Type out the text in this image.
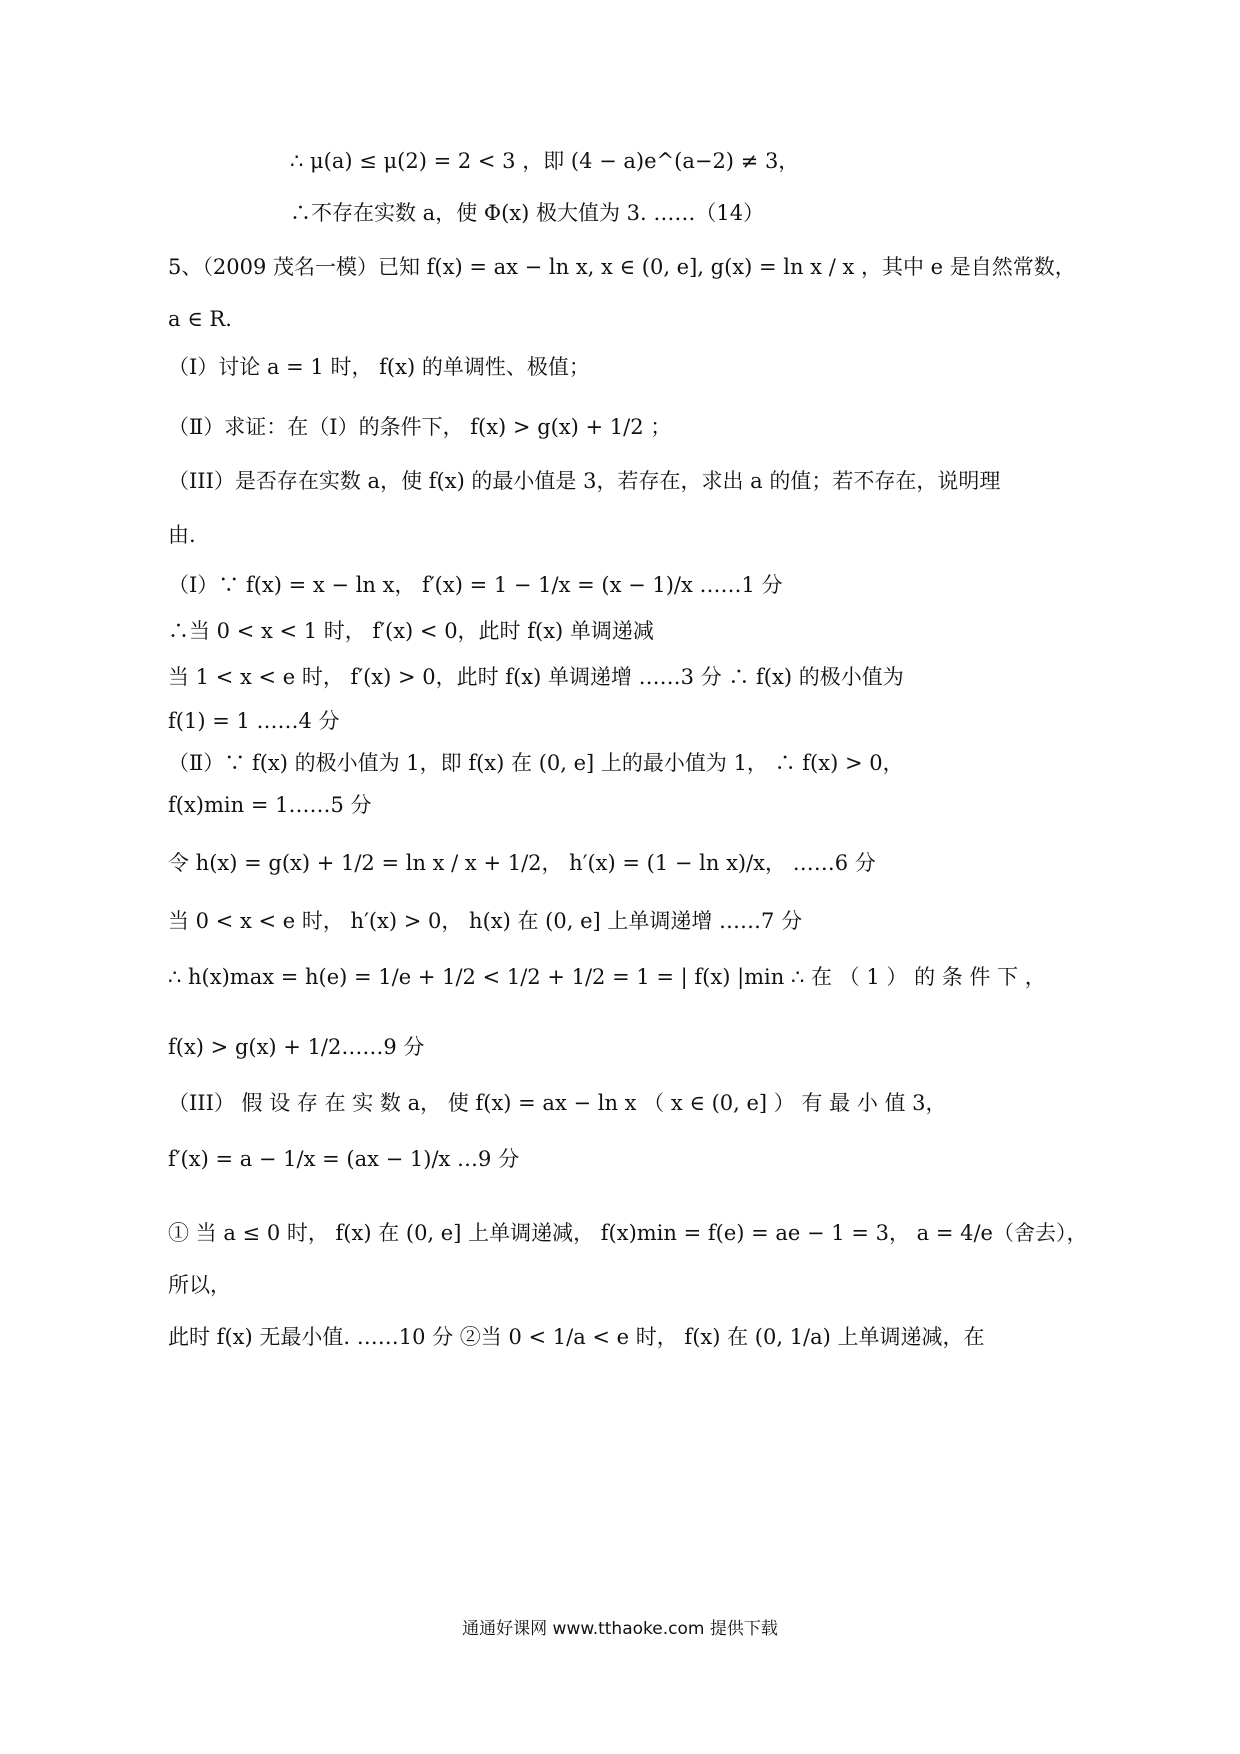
∴ μ(a) ≤ μ(2) = 2 < 3 ，即 (4 − a)e^(a−2) ≠ 3，
∴不存在实数 a，使 Φ(x) 极大值为 3. ……（14）
5、（2009 茂名一模）已知 f(x) = ax − ln x, x ∈ (0, e], g(x) = ln x / x ，其中 e 是自然常数，
a ∈ R.
（Ⅰ）讨论 a = 1 时， f(x) 的单调性、极值；
（Ⅱ）求证：在（Ⅰ）的条件下， f(x) > g(x) + 1/2 ；
（III）是否存在实数 a，使 f(x) 的最小值是 3，若存在，求出 a 的值；若不存在，说明理
由.
（Ⅰ）∵ f(x) = x − ln x， f′(x) = 1 − 1/x = (x − 1)/x ……1 分
∴当 0 < x < 1 时， f′(x) < 0，此时 f(x) 单调递减
当 1 < x < e 时， f′(x) > 0，此时 f(x) 单调递增 ……3 分 ∴ f(x) 的极小值为
f(1) = 1 ……4 分
（Ⅱ）∵ f(x) 的极小值为 1，即 f(x) 在 (0, e] 上的最小值为 1， ∴ f(x) > 0，
f(x)min = 1……5 分
令 h(x) = g(x) + 1/2 = ln x / x + 1/2， h′(x) = (1 − ln x)/x， ……6 分
当 0 < x < e 时， h′(x) > 0， h(x) 在 (0, e] 上单调递增 ……7 分
∴ h(x)max = h(e) = 1/e + 1/2 < 1/2 + 1/2 = 1 = | f(x) |min ∴ 在 （ 1 ） 的 条 件 下 ，
f(x) > g(x) + 1/2……9 分
（III） 假 设 存 在 实 数 a， 使 f(x) = ax − ln x （ x ∈ (0, e] ） 有 最 小 值 3，
f′(x) = a − 1/x = (ax − 1)/x …9 分
① 当 a ≤ 0 时， f(x) 在 (0, e] 上单调递减， f(x)min = f(e) = ae − 1 = 3， a = 4/e（舍去），
所以，
此时 f(x) 无最小值. ……10 分 ②当 0 < 1/a < e 时， f(x) 在 (0, 1/a) 上单调递减，在
通通好课网 www.tthaoke.com 提供下载
